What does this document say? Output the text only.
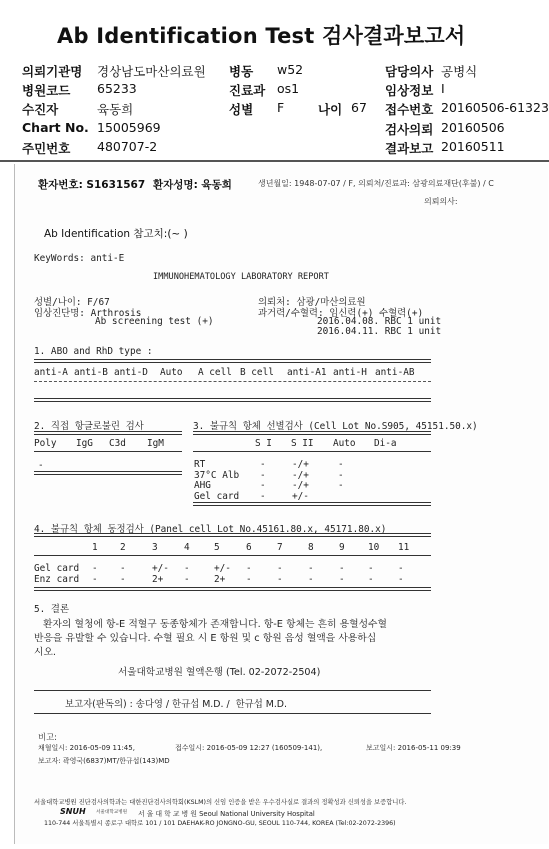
Ab Identification Test 검사결과보고서
의뢰기관명 경상남도마산의료원
병원코드 65233
수진자	육동희
Chart No. 15005969
주민번호 480707-2
병동 w52
진료과 os1
성별 F	나이 67
담당의사 공병식
임상정보 I
접수번호 20160506-61323
검사의뢰 20160506
결과보고 20160511
환자번호: S1631567 환자성명: 육동희	생년월일: 1948-07-07 / F, 의뢰처/진료과: 삼광의료재단(후불) / C
의뢰의사:
Ab Identification 참고치:(~ )
KeyWords: anti-E
IMMUNOHEMATOLOGY LABORATORY REPORT
성별/나이: F/67
임상진단명: Arthrosis
Ab screening test (+)
의뢰처: 삼광/마산의료원
과거력/수혈력: 임신력(+) 수혈력(+)
2016.04.08. RBC 1 unit
2016.04.11. RBC 1 unit
1. ABO and RhD type :
anti-A anti-B anti-D Auto A cell B cell anti-A1 anti-H anti-AB
2. 직접 항글로불린 검사
Poly IgG C3d IgM
-
3. 불규칙 항체 선별검사 (Cell Lot No.S905, 45151.50.x)
S I S II Auto Di-a
RT	-	-/+	-
37°C Alb -	-/+	-
AHG	-	-/+	-
Gel card -	+/-
4. 불규칙 항체 동정검사 (Panel cell Lot No.45161.80.x, 45171.80.x)
1 2	3	4	5	6	7	8	9 10 11
Gel card - -	+/- -	+/- -	-	-	- -	-
Enz card - -	2+ -	2+ -	-	-	- -	-
5. 결론
환자의 혈청에 항-E 적혈구 동종항체가 존재합니다. 항-E 항체는 흔히 용혈성수혈
반응을 유발할 수 있습니다. 수혈 필요 시 E 항원 및 c 항원 음성 혈액을 사용하십
시오.
서울대학교병원 혈액은행 (Tel. 02-2072-2504)
보고자(판독의) : 송다영 / 한규섭 M.D. /  한규섭 M.D.
비고:
채혈일시: 2016-05-09 11:45,	접수일시: 2016-05-09 12:27 (160509-141),	보고일시: 2016-05-11 09:39
보고자: 곽영국(6837)MT/한규섭(143)MD
서울대학교병원 진단검사의학과는 대한진단검사의학회(KSLM)의 신임 인증을 받은 우수검사실로 결과의 정확성과 신뢰성을 보증합니다.
SNUH 서울대학교병원 서 울 대 학 교 병 원 Seoul National University Hospital
110-744 서울특별시 종로구 대학로 101 / 101 DAEHAK-RO JONGNO-GU, SEOUL 110-744, KOREA (Tel:02-2072-2396)
